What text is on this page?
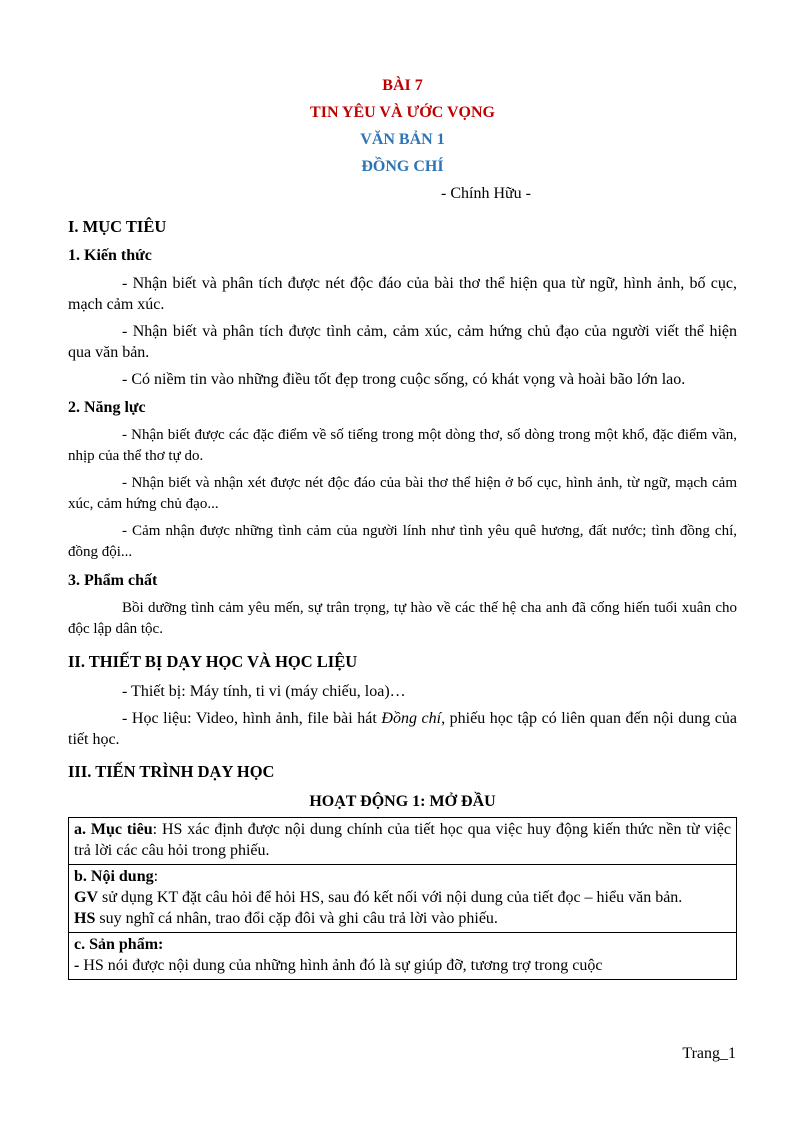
BÀI 7
TIN YÊU VÀ ƯỚC VỌNG
VĂN BẢN 1
ĐỒNG CHÍ
- Chính Hữu -
I. MỤC TIÊU
1. Kiến thức

- Nhận biết và phân tích được nét độc đáo của bài thơ thể hiện qua từ ngữ, hình ảnh, bố cục, mạch cảm xúc.

- Nhận biết và phân tích được tình cảm, cảm xúc, cảm hứng chủ đạo của người viết thể hiện qua văn bản.

- Có niềm tin vào những điều tốt đẹp trong cuộc sống, có khát vọng và hoài bão lớn lao.

2. Năng lực

- Nhận biết được các đặc điểm về số tiếng trong một dòng thơ, số dòng trong một khổ, đặc điểm vần, nhịp của thể thơ tự do.

- Nhận biết và nhận xét được nét độc đáo của bài thơ thể hiện ở bố cục, hình ảnh, từ ngữ, mạch cảm xúc, cảm hứng chủ đạo...

- Cảm nhận được những tình cảm của người lính như tình yêu quê hương, đất nước; tình đồng chí, đồng đội...

3. Phẩm chất

Bồi dưỡng tình cảm yêu mến, sự trân trọng, tự hào về các thế hệ cha anh đã cống hiến tuổi xuân cho độc lập dân tộc.

II. THIẾT BỊ DẠY HỌC VÀ HỌC LIỆU

- Thiết bị: Máy tính, ti vi (máy chiếu, loa)…

- Học liệu: Video, hình ảnh, file bài hát Đồng chí, phiếu học tập có liên quan đến nội dung của tiết học.

III. TIẾN TRÌNH DẠY HỌC
HOẠT ĐỘNG 1: MỞ ĐẦU
a. Mục tiêu: HS xác định được nội dung chính của tiết học qua việc huy động kiến thức nền từ việc trả lời các câu hỏi trong phiếu.

b. Nội dung:
GV sử dụng KT đặt câu hỏi để hỏi HS, sau đó kết nối với nội dung của tiết đọc – hiểu văn bản.
HS suy nghĩ cá nhân, trao đổi cặp đôi và ghi câu trả lời vào phiếu.

c. Sản phẩm:
- HS nói được nội dung của những hình ảnh đó là sự giúp đỡ, tương trợ trong cuộc
Trang_1
